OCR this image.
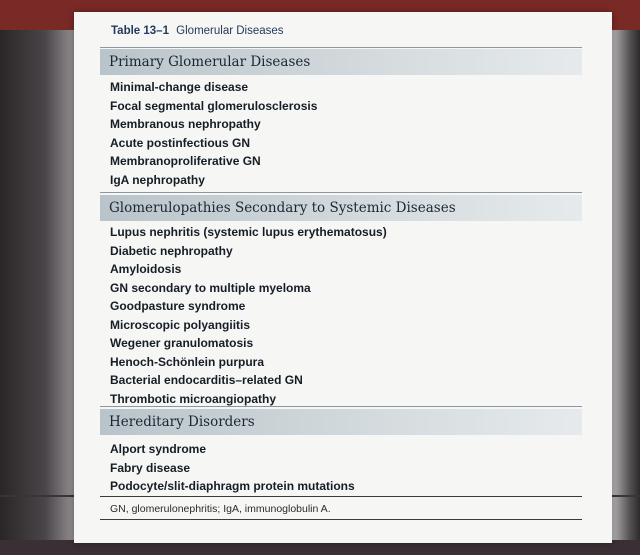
Table 13–1 Glomerular Diseases
Primary Glomerular Diseases
Minimal-change disease
Focal segmental glomerulosclerosis
Membranous nephropathy
Acute postinfectious GN
Membranoproliferative GN
IgA nephropathy
Glomerulopathies Secondary to Systemic Diseases
Lupus nephritis (systemic lupus erythematosus)
Diabetic nephropathy
Amyloidosis
GN secondary to multiple myeloma
Goodpasture syndrome
Microscopic polyangiitis
Wegener granulomatosis
Henoch-Schönlein purpura
Bacterial endocarditis–related GN
Thrombotic microangiopathy
Hereditary Disorders
Alport syndrome
Fabry disease
Podocyte/slit-diaphragm protein mutations
GN, glomerulonephritis; IgA, immunoglobulin A.
